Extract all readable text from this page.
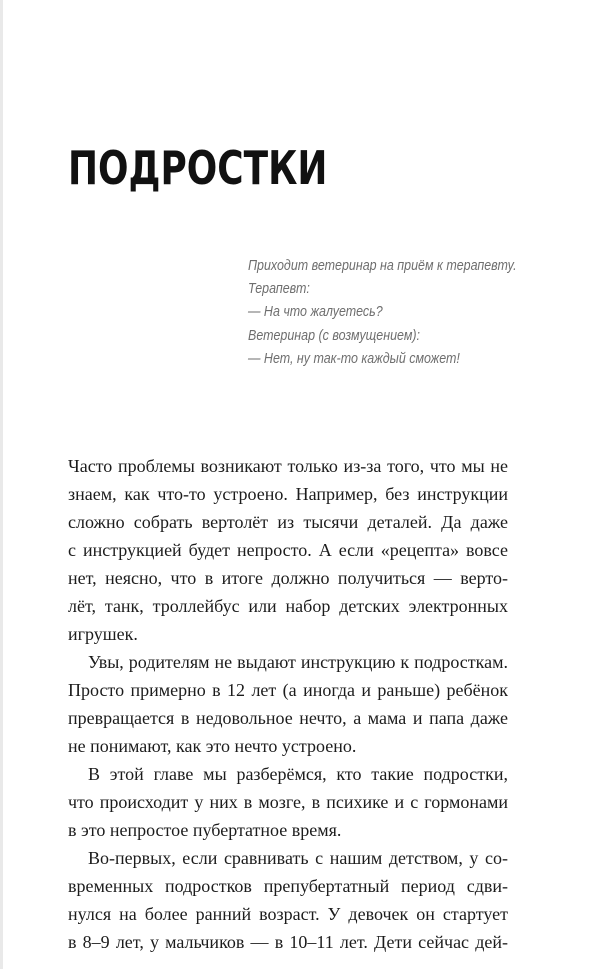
ПОДРОСТКИ
Приходит ветеринар на приём к терапевту.
Терапевт:
— На что жалуетесь?
Ветеринар (с возмущением):
— Нет, ну так-то каждый сможет!
Часто проблемы возникают только из-за того, что мы не
знаем, как что-то устроено. Например, без инструкции
сложно собрать вертолёт из тысячи деталей. Да даже
с инструкцией будет непросто. А если «рецепта» вовсе
нет, неясно, что в итоге должно получиться — верто-
лёт, танк, троллейбус или набор детских электронных
игрушек.
Увы, родителям не выдают инструкцию к подросткам.
Просто примерно в 12 лет (а иногда и раньше) ребёнок
превращается в недовольное нечто, а мама и папа даже
не понимают, как это нечто устроено.
В этой главе мы разберёмся, кто такие подростки,
что происходит у них в мозге, в психике и с гормонами
в это непростое пубертатное время.
Во-первых, если сравнивать с нашим детством, у со-
временных подростков препубертатный период сдви-
нулся на более ранний возраст. У девочек он стартует
в 8–9 лет, у мальчиков — в 10–11 лет. Дети сейчас дей-
